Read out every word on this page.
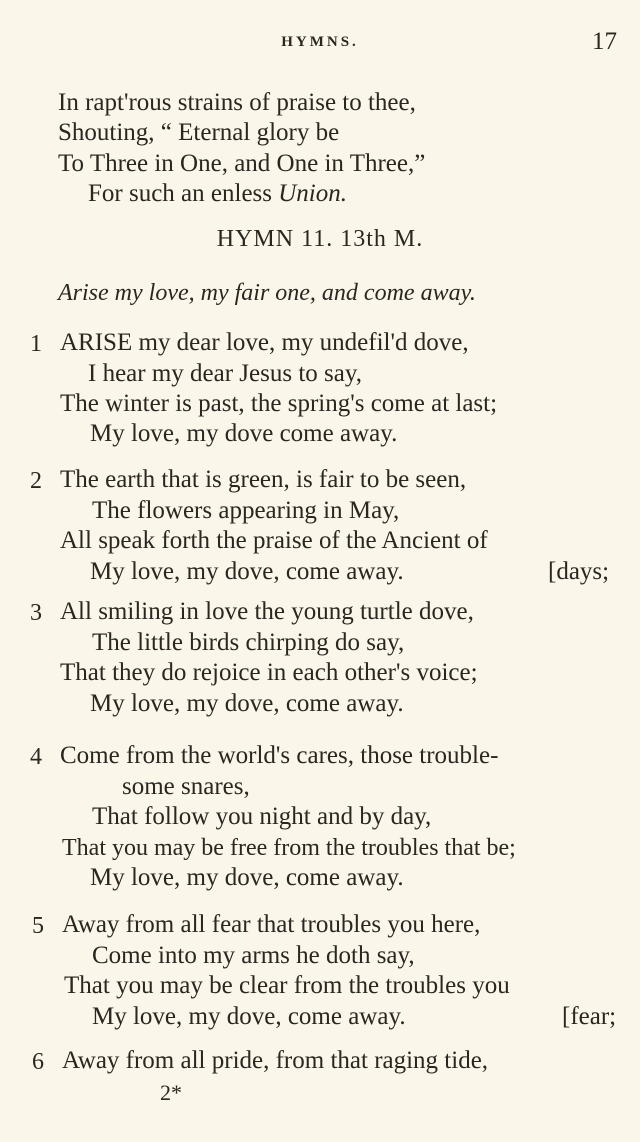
HYMNS.	17
In rapt'rous strains of praise to thee,
Shouting, “ Eternal glory be
To Three in One, and One in Three,”
For such an enless Union.
HYMN 11. 13th M.
Arise my love, my fair one, and come away.
1 ARISE my dear love, my undefil'd dove,
I hear my dear Jesus to say,
The winter is past, the spring's come at last;
My love, my dove come away.
2 The earth that is green, is fair to be seen,
The flowers appearing in May,
All speak forth the praise of the Ancient of
My love, my dove, come away.	[days;
3 All smiling in love the young turtle dove,
The little birds chirping do say,
That they do rejoice in each other's voice;
My love, my dove, come away.
4 Come from the world's cares, those trouble-
some snares,
That follow you night and by day,
That you may be free from the troubles that be;
My love, my dove, come away.
5 Away from all fear that troubles you here,
Come into my arms he doth say,
That you may be clear from the troubles you
My love, my dove, come away.	[fear;
6 Away from all pride, from that raging tide,
2*
